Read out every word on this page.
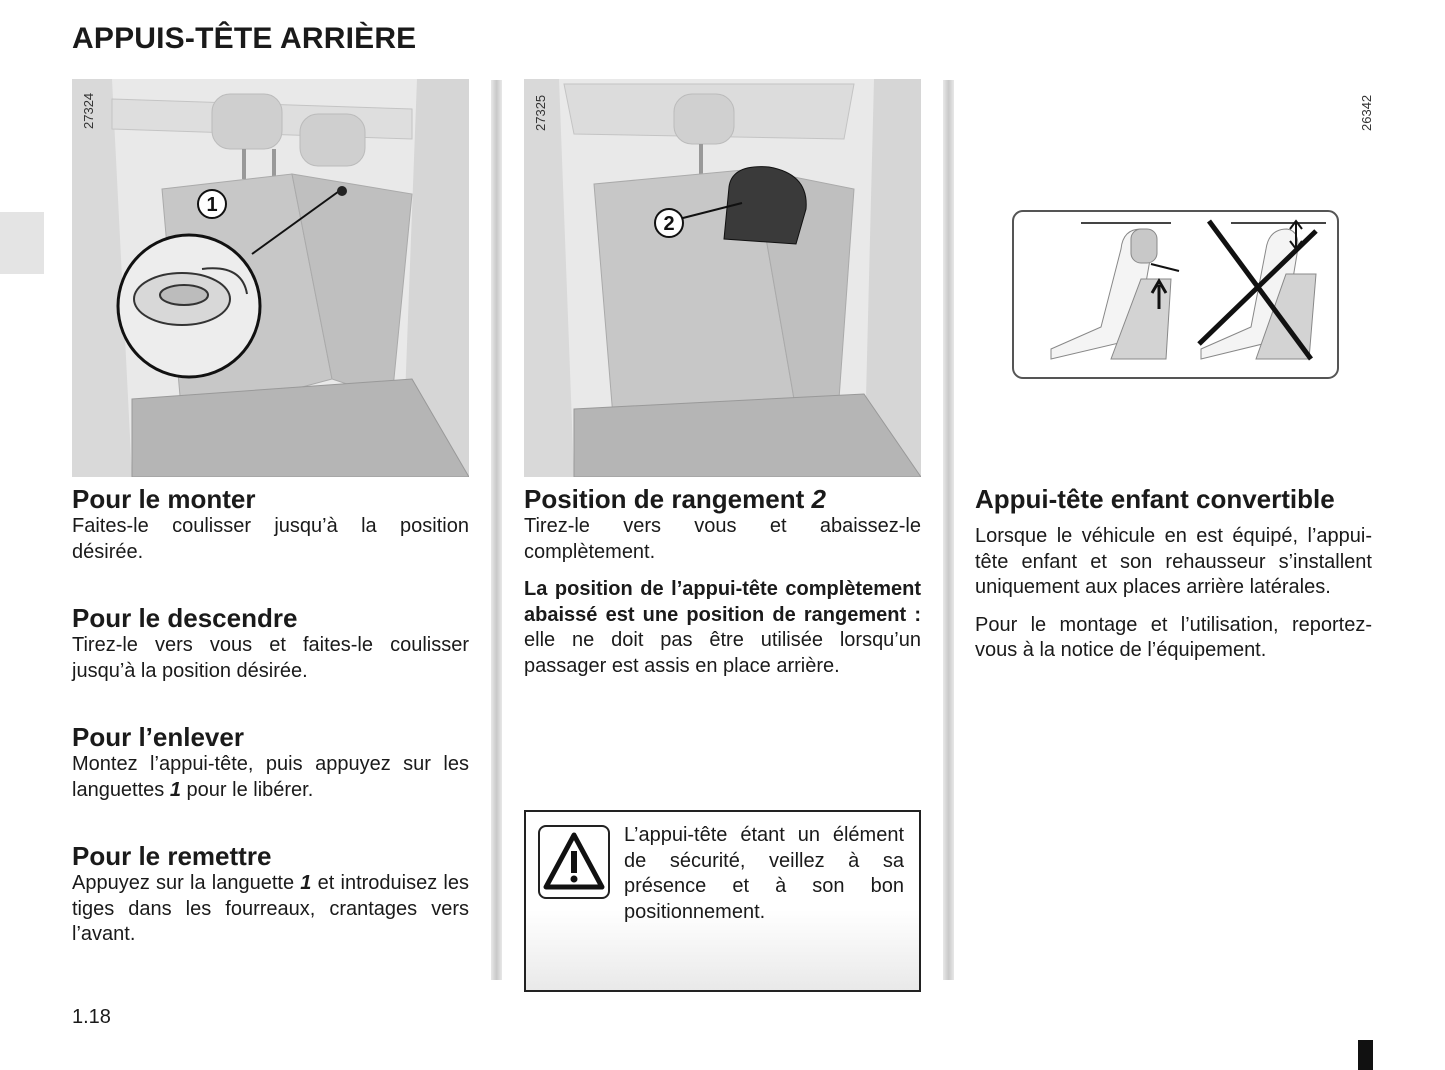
APPUIS-TÊTE ARRIÈRE
1
27324
2
27325	26342
Pour le monter

Faites-le coulisser jusqu’à la position désirée.

Pour le descendre

Tirez-le vers vous et faites-le coulisser jusqu’à la position désirée.

Pour l’enlever

Montez l’appui-tête, puis appuyez sur les languettes 1 pour le libérer.

Pour le remettre

Appuyez sur la languette 1 et introduisez les tiges dans les fourreaux, crantages vers l’avant.

Position de rangement 2

Tirez-le vers vous et abaissez-le complètement.

La position de l’appui-tête complètement abaissé est une position de rangement : elle ne doit pas être utilisée lorsqu’un passager est assis en place arrière.

L’appui-tête étant un élément de sécurité, veillez à sa présence et à son bon positionnement.

Appui-tête enfant convertible

Lorsque le véhicule en est équipé, l’appui-tête enfant et son rehausseur s’installent uniquement aux places arrière latérales.

Pour le montage et l’utilisation, reportez-vous à la notice de l’équipement.

1.18
